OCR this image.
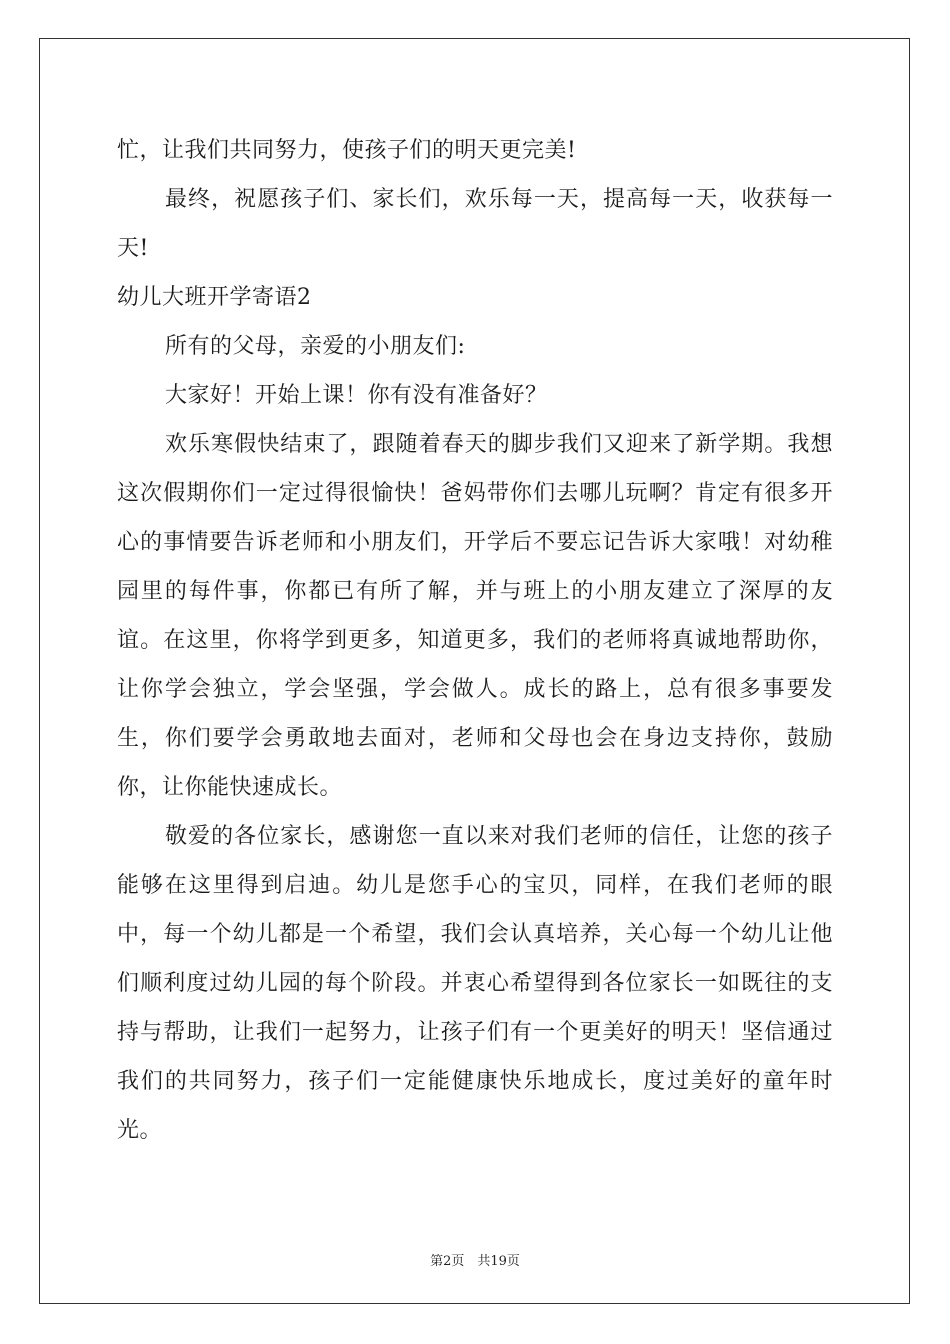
忙，让我们共同努力，使孩子们的明天更完美!

最终，祝愿孩子们、家长们，欢乐每一天，提高每一天，收获每一天!

幼儿大班开学寄语2

所有的父母，亲爱的小朋友们:

大家好！开始上课！你有没有准备好？

欢乐寒假快结束了，跟随着春天的脚步我们又迎来了新学期。我想这次假期你们一定过得很愉快！爸妈带你们去哪儿玩啊？肯定有很多开心的事情要告诉老师和小朋友们，开学后不要忘记告诉大家哦！对幼稚园里的每件事，你都已有所了解，并与班上的小朋友建立了深厚的友谊。在这里，你将学到更多，知道更多，我们的老师将真诚地帮助你，让你学会独立，学会坚强，学会做人。成长的路上，总有很多事要发生，你们要学会勇敢地去面对，老师和父母也会在身边支持你，鼓励你，让你能快速成长。

敬爱的各位家长，感谢您一直以来对我们老师的信任，让您的孩子能够在这里得到启迪。幼儿是您手心的宝贝，同样，在我们老师的眼中，每一个幼儿都是一个希望，我们会认真培养，关心每一个幼儿让他们顺利度过幼儿园的每个阶段。并衷心希望得到各位家长一如既往的支持与帮助，让我们一起努力，让孩子们有一个更美好的明天！坚信通过我们的共同努力，孩子们一定能健康快乐地成长，度过美好的童年时光。

第2页　共19页
